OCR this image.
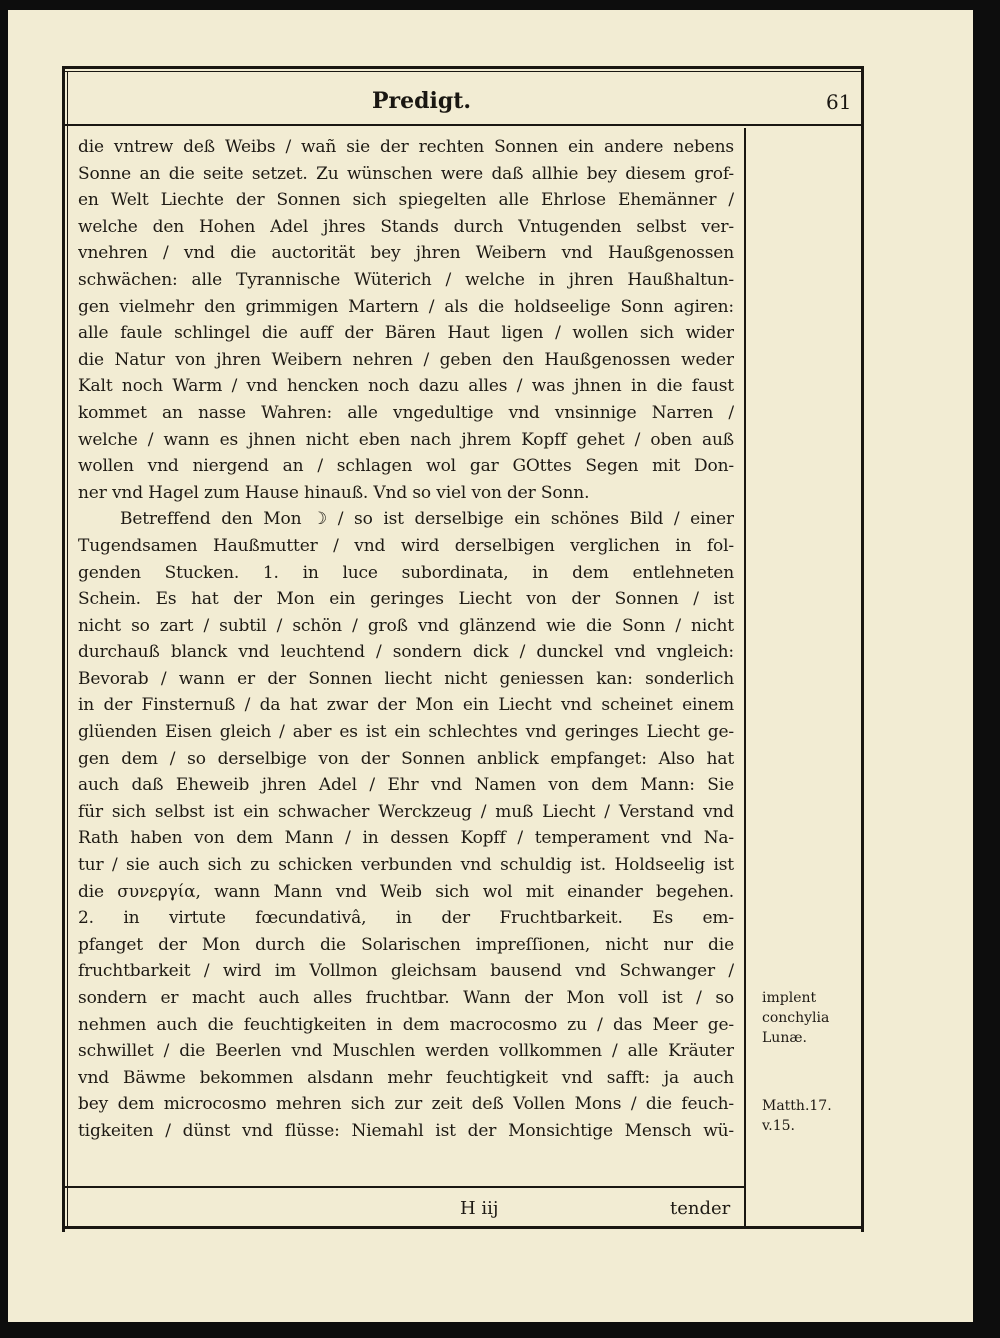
Predigt.	61
die vntrew deß Weibs / wañ sie der rechten Sonnen ein andere nebens
Sonne an die seite setzet. Zu wünschen were daß allhie bey diesem grof-
en Welt Liechte der Sonnen sich spiegelten alle Ehrlose Ehemänner /
welche den Hohen Adel jhres Stands durch Vntugenden selbst ver-
vnehren / vnd die auctorität bey jhren Weibern vnd Haußgenossen
schwächen: alle Tyrannische Wüterich / welche in jhren Haußhaltun-
gen vielmehr den grimmigen Martern / als die holdseelige Sonn agiren:
alle faule schlingel die auff der Bären Haut ligen / wollen sich wider
die Natur von jhren Weibern nehren / geben den Haußgenossen weder
Kalt noch Warm / vnd hencken noch dazu alles / was jhnen in die faust
kommet an nasse Wahren: alle vngedultige vnd vnsinnige Narren /
welche / wann es jhnen nicht eben nach jhrem Kopff gehet / oben auß
wollen vnd niergend an / schlagen wol gar GOttes Segen mit Don-
ner vnd Hagel zum Hause hinauß. Vnd so viel von der Sonn.
Betreffend den Mon ☽ / so ist derselbige ein schönes Bild / einer
Tugendsamen Haußmutter / vnd wird derselbigen verglichen in fol-
genden Stucken. 1. in luce subordinata, in dem entlehneten
Schein. Es hat der Mon ein geringes Liecht von der Sonnen / ist
nicht so zart / subtil / schön / groß vnd glänzend wie die Sonn / nicht
durchauß blanck vnd leuchtend / sondern dick / dunckel vnd vngleich:
Bevorab / wann er der Sonnen liecht nicht geniessen kan: sonderlich
in der Finsternuß / da hat zwar der Mon ein Liecht vnd scheinet einem
glüenden Eisen gleich / aber es ist ein schlechtes vnd geringes Liecht ge-
gen dem / so derselbige von der Sonnen anblick empfanget: Also hat
auch daß Eheweib jhren Adel / Ehr vnd Namen von dem Mann: Sie
für sich selbst ist ein schwacher Werckzeug / muß Liecht / Verstand vnd
Rath haben von dem Mann / in dessen Kopff / temperament vnd Na-
tur / sie auch sich zu schicken verbunden vnd schuldig ist. Holdseelig ist
die συνεργία, wann Mann vnd Weib sich wol mit einander begehen.
2. in virtute fœcundativâ, in der Fruchtbarkeit. Es em-
pfanget der Mon durch die Solarischen impreſſionen, nicht nur die
fruchtbarkeit / wird im Vollmon gleichsam bausend vnd Schwanger /
sondern er macht auch alles fruchtbar. Wann der Mon voll ist / so
nehmen auch die feuchtigkeiten in dem macrocosmo zu / das Meer ge-
schwillet / die Beerlen vnd Muschlen werden vollkommen / alle Kräuter
vnd Bäwme bekommen alsdann mehr feuchtigkeit vnd safft: ja auch
bey dem microcosmo mehren sich zur zeit deß Vollen Mons / die feuch-
tigkeiten / dünst vnd flüsse: Niemahl ist der Monsichtige Mensch wü-
implent
conchylia
Lunæ.
Matth.17.
v.15.
H iij	tender
